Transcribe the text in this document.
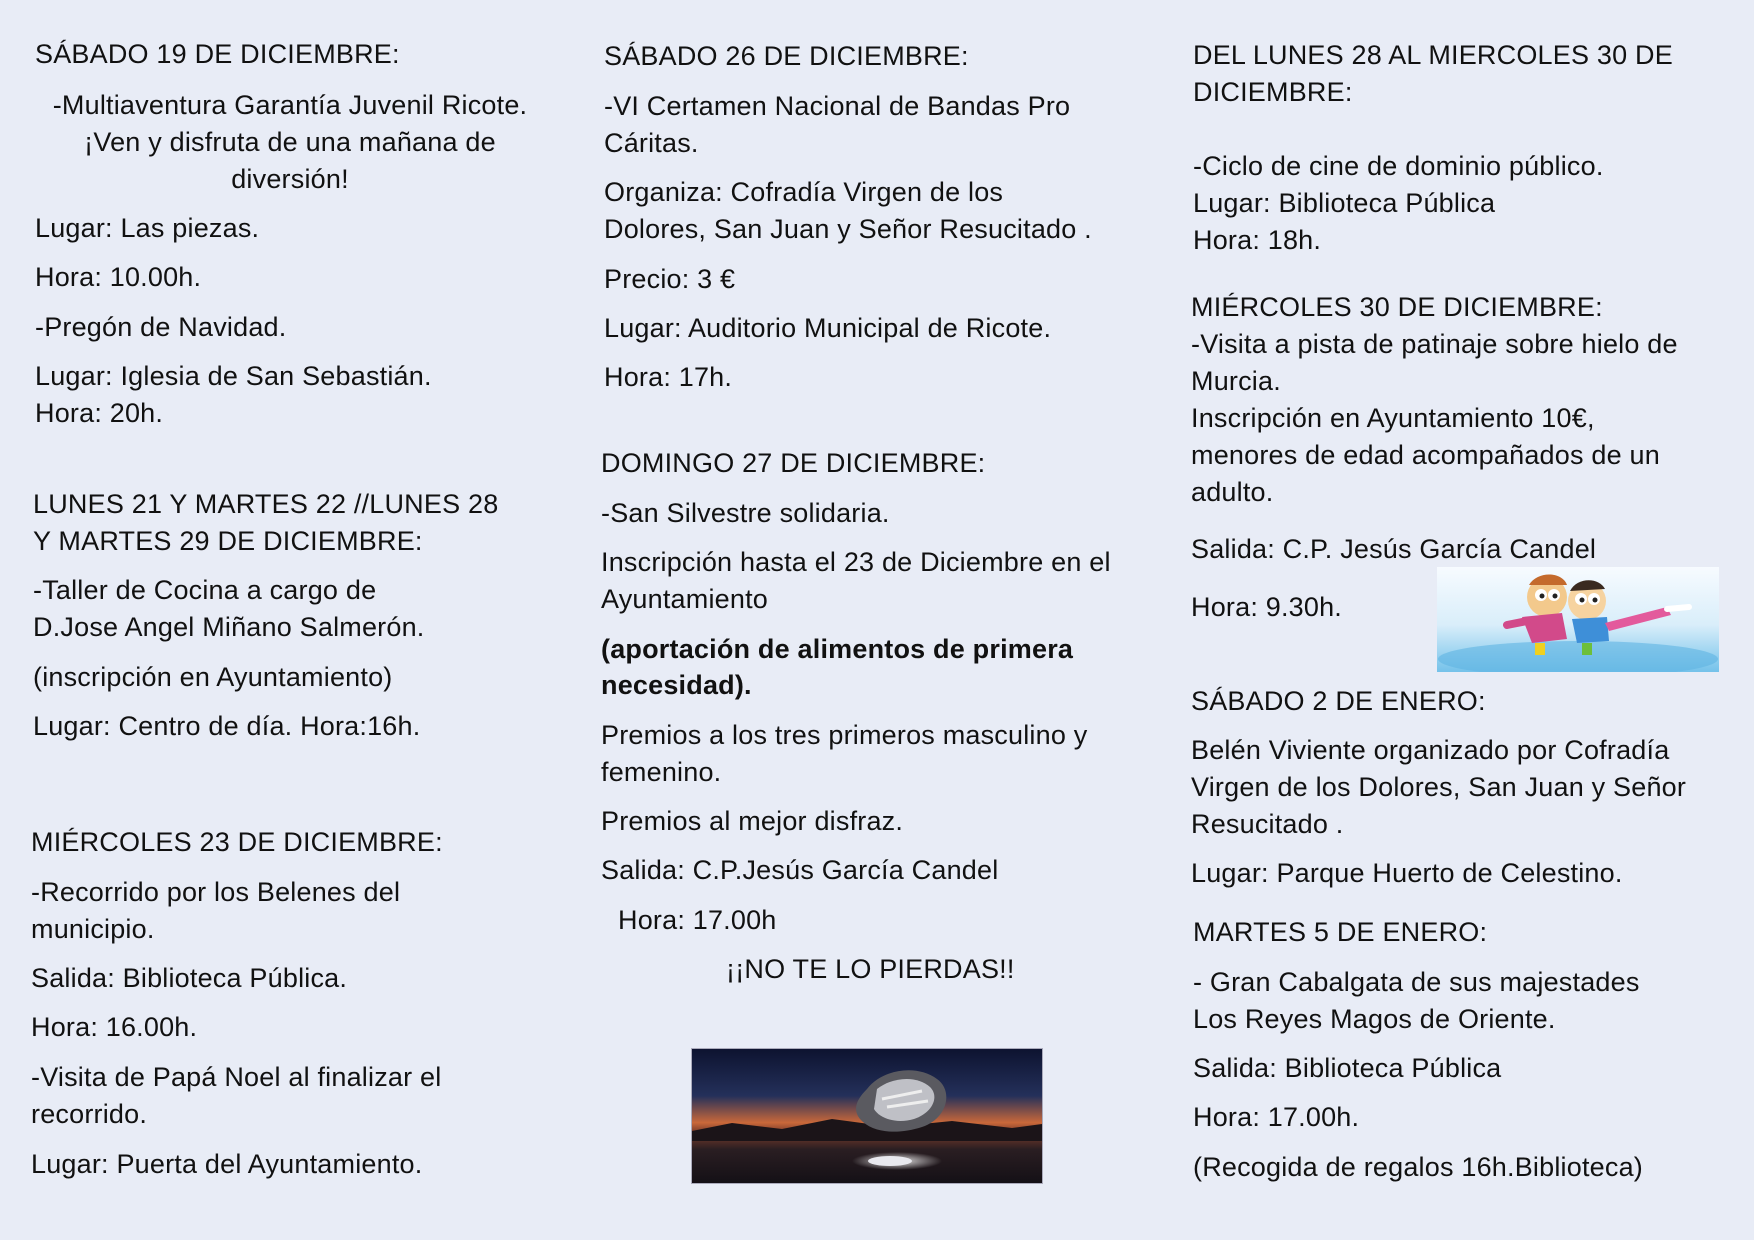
SÁBADO 19 DE DICIEMBRE:

-Multiaventura Garantía Juvenil Ricote.

¡Ven y disfruta de una mañana de

diversión!

Lugar: Las piezas.

Hora: 10.00h.

-Pregón de Navidad.

Lugar: Iglesia de San Sebastián.

Hora: 20h.

LUNES 21 Y MARTES 22 //LUNES 28

Y MARTES 29 DE DICIEMBRE:

-Taller de Cocina a cargo de

D.Jose Angel Miñano Salmerón.

(inscripción en Ayuntamiento)

Lugar: Centro de día. Hora:16h.

MIÉRCOLES 23 DE DICIEMBRE:

-Recorrido por los Belenes del

municipio.

Salida: Biblioteca Pública.

Hora: 16.00h.

-Visita de Papá Noel al finalizar el

recorrido.

Lugar: Puerta del Ayuntamiento.

SÁBADO 26 DE DICIEMBRE:

-VI Certamen Nacional de Bandas Pro

Cáritas.

Organiza: Cofradía Virgen de los

Dolores, San Juan y Señor Resucitado .

Precio: 3 €

Lugar: Auditorio Municipal de Ricote.

Hora: 17h.

DOMINGO 27 DE DICIEMBRE:

-San Silvestre solidaria.

Inscripción hasta el 23 de Diciembre en el

Ayuntamiento

(aportación de alimentos de primera

necesidad).

Premios a los tres primeros masculino y

femenino.

Premios al mejor disfraz.

Salida: C.P.Jesús García Candel

Hora: 17.00h

¡¡NO TE LO PIERDAS!!

DEL LUNES 28 AL MIERCOLES 30 DE

DICIEMBRE:

-Ciclo de cine de dominio público.

Lugar: Biblioteca Pública

Hora: 18h.

MIÉRCOLES 30 DE DICIEMBRE:

-Visita a pista de patinaje sobre hielo de

Murcia.

Inscripción en Ayuntamiento 10€,

menores de edad acompañados de un

adulto.

Salida: C.P. Jesús García Candel

Hora: 9.30h.

SÁBADO 2 DE ENERO:

Belén Viviente organizado por Cofradía

Virgen de los Dolores, San Juan y Señor

Resucitado .

Lugar: Parque Huerto de Celestino.

MARTES 5 DE ENERO:

- Gran Cabalgata de sus majestades

Los Reyes Magos de Oriente.

Salida: Biblioteca Pública

Hora: 17.00h.

(Recogida de regalos 16h.Biblioteca)
